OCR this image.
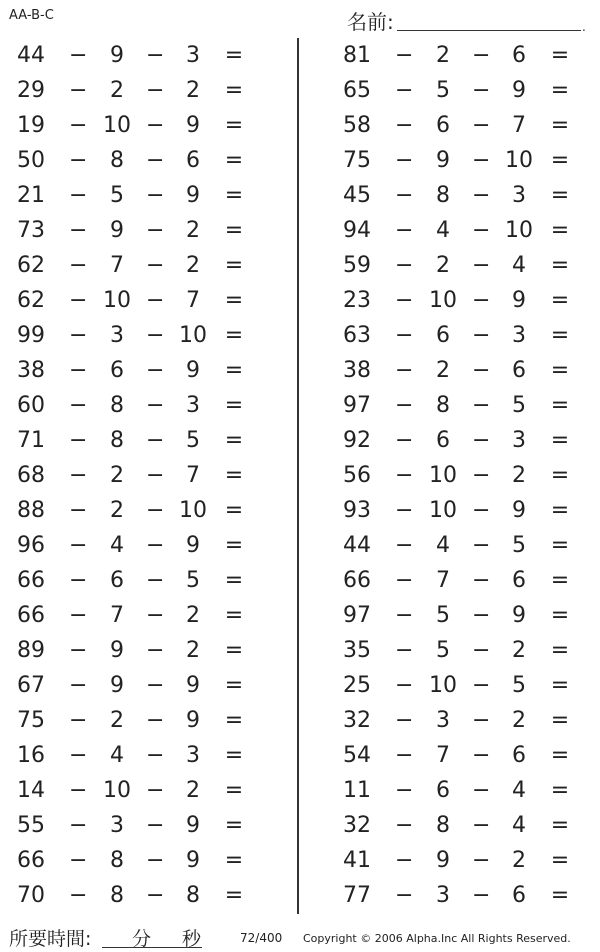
AA-B-C	名前:	.
44 −	9	− 3	=
29 −	2	− 2	=
19 − 10 − 9	=
50 −	8	− 6	=
21 −	5	− 9	=
73 −	9	− 2	=
62 −	7	− 2	=
62 − 10 − 7	=
99 −	3	− 10 =
38 −	6	− 9	=
60 −	8	− 3	=
71 −	8	− 5	=
68 −	2	− 7	=
88 −	2	− 10 =
96 −	4	− 9	=
66 −	6	− 5	=
66 −	7	− 2	=
89 −	9	− 2	=
67 −	9	− 9	=
75 −	2	− 9	=
16 −	4	− 3	=
14 − 10 − 2	=
55 −	3	− 9	=
66 −	8	− 9	=
70 −	8	− 8	=
81 −	2	− 6	=
65 −	5	− 9	=
58 −	6	− 7	=
75 −	9	− 10 =
45 −	8	− 3	=
94 −	4	− 10 =
59 −	2	− 4	=
23 − 10 − 9	=
63 −	6	− 3	=
38 −	2	− 6	=
97 −	8	− 5	=
92 −	6	− 3	=
56 − 10 − 2	=
93 − 10 − 9	=
44 −	4	− 5	=
66 −	7	− 6	=
97 −	5	− 9	=
35 −	5	− 2	=
25 − 10 − 5	=
32 −	3	− 2	=
54 −	7	− 6	=
11 −	6	− 4	=
32 −	8	− 4	=
41 −	9	− 2	=
77 −	3	− 6	=
所要時間: 分 秒	72/400 Copyright © 2006 Alpha.Inc All Rights Reserved.
